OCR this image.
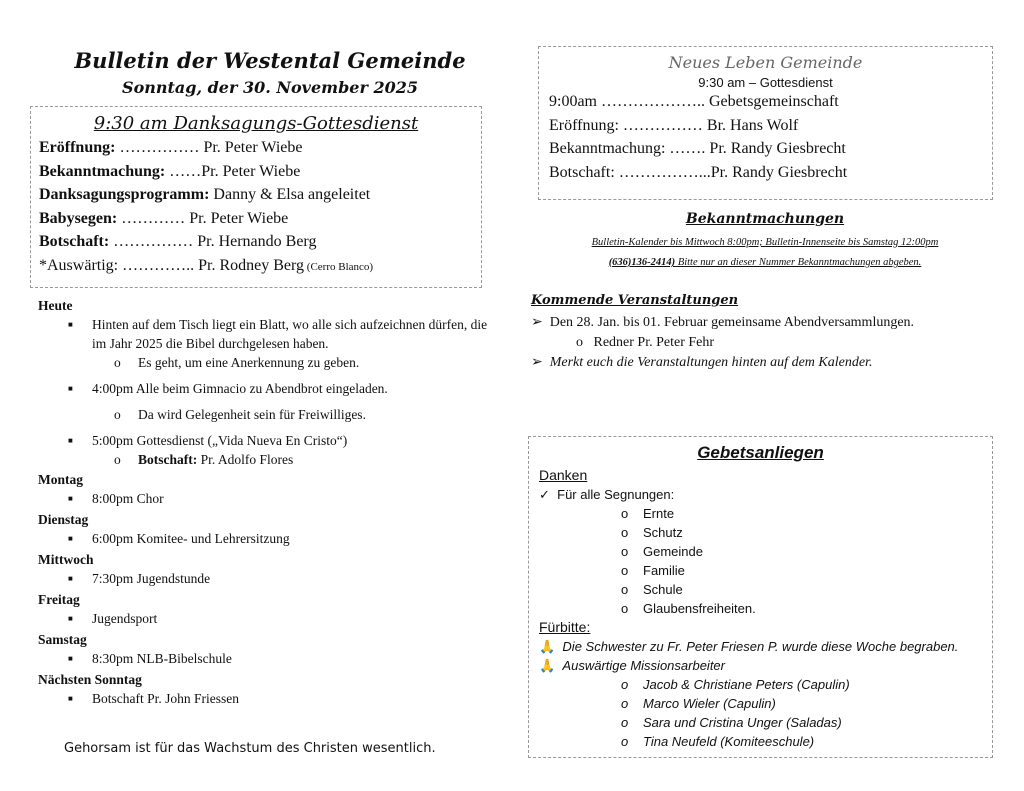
Bulletin der Westental Gemeinde
Sonntag, der 30. November 2025
9:30 am Danksagungs-Gottesdienst
Eröffnung: …………… Pr. Peter Wiebe
Bekanntmachung: ……Pr. Peter Wiebe
Danksagungsprogramm: Danny & Elsa angeleitet
Babysegen: ………… Pr. Peter Wiebe
Botschaft: …………… Pr. Hernando Berg
*Auswärtig: ………….. Pr. Rodney Berg (Cerro Blanco)
Heute
■ Hinten auf dem Tisch liegt ein Blatt, wo alle sich aufzeichnen dürfen, die im Jahr 2025 die Bibel durchgelesen haben.
o Es geht, um eine Anerkennung zu geben.
■ 4:00pm Alle beim Gimnacio zu Abendbrot eingeladen.
o Da wird Gelegenheit sein für Freiwilliges.
■ 5:00pm Gottesdienst („Vida Nueva En Cristo“)
o Botschaft: Pr. Adolfo Flores
Montag
■ 8:00pm Chor
Dienstag
■ 6:00pm Komitee- und Lehrersitzung
Mittwoch
■ 7:30pm Jugendstunde
Freitag
■ Jugendsport
Samstag
■ 8:30pm NLB-Bibelschule
Nächsten Sonntag
■ Botschaft Pr. John Friessen
Gehorsam ist für das Wachstum des Christen wesentlich.
Neues Leben Gemeinde
9:30 am – Gottesdienst
9:00am ……………….. Gebetsgemeinschaft
Eröffnung: …………… Br. Hans Wolf
Bekanntmachung: ……. Pr. Randy Giesbrecht
Botschaft: ……………...Pr. Randy Giesbrecht
Bekanntmachungen
Bulletin-Kalender bis Mittwoch 8:00pm; Bulletin-Innenseite bis Samstag 12:00pm
(636)136-2414) Bitte nur an dieser Nummer Bekanntmachungen abgeben.
Kommende Veranstaltungen
➢ Den 28. Jan. bis 01. Februar gemeinsame Abendversammlungen.
o   Redner Pr. Peter Fehr
➢ Merkt euch die Veranstaltungen hinten auf dem Kalender.
Gebetsanliegen
Danken
✓ Für alle Segnungen:
o Ernte
o Schutz
o Gemeinde
o Familie
o Schule
o Glaubensfreiheiten.
Fürbitte:
🙏 Die Schwester zu Fr. Peter Friesen P. wurde diese Woche begraben.
🙏 Auswärtige Missionsarbeiter
o Jacob & Christiane Peters (Capulin)
o Marco Wieler (Capulin)
o Sara und Cristina Unger (Saladas)
o Tina Neufeld (Komiteeschule)
